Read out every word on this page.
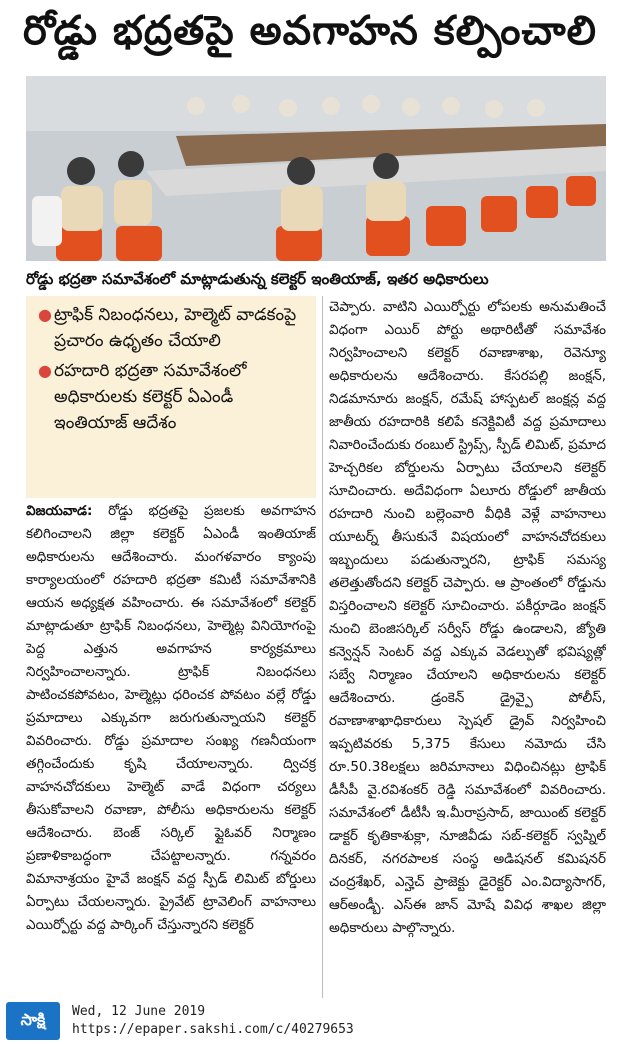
రోడ్డు భద్రతపై అవగాహన కల్పించాలి
రోడ్డు భద్రతా సమావేశంలో మాట్లాడుతున్న కలెక్టర్ ఇంతియాజ్, ఇతర అధికారులు
● ట్రాఫిక్ నిబంధనలు, హెల్మెట్ వాడకంపై ప్రచారం ఉధృతం చేయాలి
● రహదారి భద్రతా సమావేశంలో అధికారులకు కలెక్టర్ ఏఎండీ ఇంతియాజ్ ఆదేశం
విజయవాడ: రోడ్డు భద్రతపై ప్రజలకు అవగాహన కలిగించాలని జిల్లా కలెక్టర్ ఏఎండీ ఇంతియాజ్ అధికారులను ఆదేశించారు. మంగళవారం క్యాంపు కార్యాలయంలో రహదారి భద్రతా కమిటీ సమావేశానికి ఆయన అధ్యక్షత వహించారు. ఈ సమావేశంలో కలెక్టర్ మాట్లాడుతూ ట్రాఫిక్ నిబంధనలు, హెల్మెట్ల వినియోగంపై పెద్ద ఎత్తున అవగాహన కార్యక్రమాలు నిర్వహించాలన్నారు. ట్రాఫిక్ నిబంధనలు పాటించకపోవటం, హెల్మెట్లు ధరించక పోవటం వల్లే రోడ్డు ప్రమాదాలు ఎక్కువగా జరుగుతున్నాయని కలెక్టర్ వివరించారు. రోడ్డు ప్రమాదాల సంఖ్య గణనీయంగా తగ్గించేందుకు కృషి చేయాలన్నారు. ద్విచక్ర వాహనచోదకులు హెల్మెట్ వాడే విధంగా చర్యలు తీసుకోవాలని రవాణా, పోలీసు అధికారులను కలెక్టర్ ఆదేశించారు. బెంజ్ సర్కిల్ ఫ్లైఓవర్ నిర్మాణం ప్రణాళికాబద్ధంగా చేపట్టాలన్నారు. గన్నవరం విమానాశ్రయం హైవే జంక్షన్ వద్ద స్పీడ్ లిమిట్ బోర్డులు ఏర్పాటు చేయలన్నారు. ప్రైవేట్ ట్రావెలింగ్ వాహనాలు ఎయిర్పోర్టు వద్ద పార్కింగ్ చేస్తున్నారని కలెక్టర్
చెప్పారు. వాటిని ఎయిర్పోర్టు లోపలకు అనుమతించే విధంగా ఎయిర్ పోర్టు అథారిటీతో సమావేశం నిర్వహించాలని కలెక్టర్ రవాణాశాఖ, రెవెన్యూ అధికారులను ఆదేశించారు. కేసరపల్లి జంక్షన్, నిడమానూరు జంక్షన్, రమేష్ హాస్పటల్ జంక్షన్ల వద్ద జాతీయ రహదారికి కలిపే కనెక్టివిటీ వద్ద ప్రమాదాలు నివారించేందుకు రంబుల్ స్ట్రిప్స్, స్పీడ్ లిమిట్, ప్రమాద హెచ్చరికల బోర్డులను ఏర్పాటు చేయాలని కలెక్టర్ సూచించారు. అదేవిధంగా ఏలూరు రోడ్డులో జాతీయ రహదారి నుంచి బల్లెంవారి వీధికి వెళ్లే వాహనాలు యూటర్న్ తీసుకునే విషయంలో వాహనచోదకులు ఇబ్బందులు పడుతున్నారని, ట్రాఫిక్ సమస్య తలెత్తుతోందని కలెక్టర్ చెప్పారు. ఆ ప్రాంతంలో రోడ్డును విస్తరించాలని కలెక్టర్ సూచించారు. పకీర్గూడెం జంక్షన్ నుంచి బెంజిసర్కిల్ సర్వీస్ రోడ్డు ఉండాలని, జ్యోతి కన్వెన్షన్ సెంటర్ వద్ద ఎక్కువ వెడల్పుతో భవిష్యత్లో సబ్వే నిర్మాణం చేయాలని అధికారులను కలెక్టర్ ఆదేశించారు. డ్రంకెన్ డ్రైవ్పై పోలీస్, రవాణాశాఖాధికారులు స్పెషల్ డ్రైవ్ నిర్వహించి ఇప్పటివరకు 5,375 కేసులు నమోదు చేసి రూ.50.38లక్షలు జరిమానాలు విధించినట్లు ట్రాఫిక్ డీసీపీ వై.రవిశంకర్ రెడ్డి సమావేశంలో వివరించారు. సమావేశంలో డీటీసీ ఇ.మీరాప్రసాద్, జాయింట్ కలెక్టర్ డాక్టర్ కృతికాశుక్లా, నూజివీడు సబ్-కలెక్టర్ స్వప్నిల్ దినకర్, నగరపాలక సంస్థ అడిషనల్ కమిషనర్ చంద్రశేఖర్, ఎన్హెచ్ ప్రాజెక్టు డైరెక్టర్ ఎం.విద్యాసాగర్, ఆర్అండ్బీ. ఎస్ఈ జాన్ మోషే వివిధ శాఖల జిల్లా అధికారులు పాల్గొన్నారు.
సాక్షి Wed, 12 June 2019
https://epaper.sakshi.com/c/40279653
